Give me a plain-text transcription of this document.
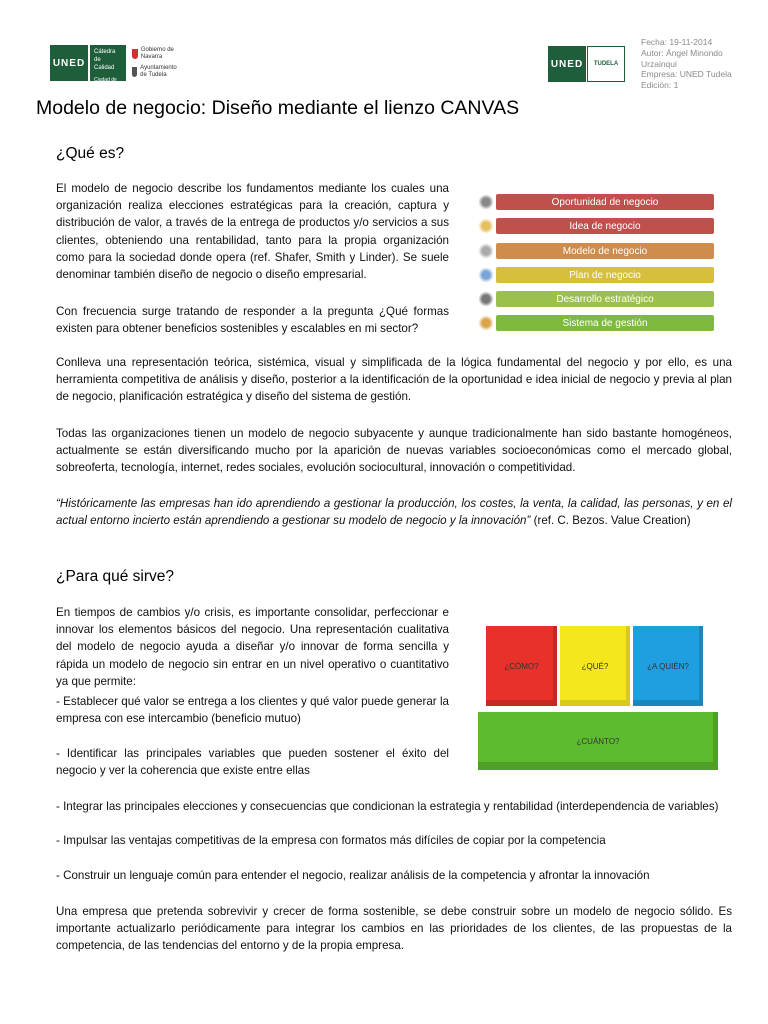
UNED
Cátedra de Calidad
Ciudad de Tudela
Gobierno de Navarra
Ayuntamiento de Tudela
UNED TUDELA
Fecha: 19-11-2014
Autor: Ángel Minondo
Urzainqui
Empresa: UNED Tudela
Edición: 1
Modelo de negocio: Diseño mediante el lienzo CANVAS
¿Qué es?
El modelo de negocio describe los fundamentos mediante los cuales una organización realiza elecciones estratégicas para la creación, captura y distribución de valor, a través de la entrega de productos y/o servicios a sus clientes, obteniendo una rentabilidad, tanto para la propia organización como para la sociedad donde opera (ref. Shafer, Smith y Linder). Se suele denominar también diseño de negocio o diseño empresarial.
Con frecuencia surge tratando de responder a la pregunta ¿Qué formas existen para obtener beneficios sostenibles y escalables en mi sector?
Oportunidad de negocio
Idea de negocio
Modelo de negocio
Plan de negocio
Desarrollo estratégico
Sistema de gestión
Conlleva una representación teórica, sistémica, visual y simplificada de la lógica fundamental del negocio y por ello, es una herramienta competitiva de análisis y diseño, posterior a la identificación de la oportunidad e idea inicial de negocio y previa al plan de negocio, planificación estratégica y diseño del sistema de gestión.
Todas las organizaciones tienen un modelo de negocio subyacente y aunque tradicionalmente han sido bastante homogéneos, actualmente se están diversificando mucho por la aparición de nuevas variables socioeconómicas como el mercado global, sobreoferta, tecnología, internet, redes sociales, evolución sociocultural, innovación o competitividad.
“Históricamente las empresas han ido aprendiendo a gestionar la producción, los costes, la venta, la calidad, las personas, y en el actual entorno incierto están aprendiendo a gestionar su modelo de negocio y la innovación” (ref. C. Bezos. Value Creation)
¿Para qué sirve?
En tiempos de cambios y/o crisis, es importante consolidar, perfeccionar e innovar los elementos básicos del negocio. Una representación cualitativa del modelo de negocio ayuda a diseñar y/o innovar de forma sencilla y rápida un modelo de negocio sin entrar en un nivel operativo o cuantitativo ya que permite:
- Establecer qué valor se entrega a los clientes y qué valor puede generar la empresa con ese intercambio (beneficio mutuo)
- Identificar las principales variables que pueden sostener el éxito del negocio y ver la coherencia que existe entre ellas
- Integrar las principales elecciones y consecuencias que condicionan la estrategia y rentabilidad (interdependencia de variables)
- Impulsar las ventajas competitivas de la empresa con formatos más difíciles de copiar por la competencia
- Construir un lenguaje común para entender el negocio, realizar análisis de la competencia y afrontar la innovación
Una empresa que pretenda sobrevivir y crecer de forma sostenible, se debe construir sobre un modelo de negocio sólido. Es importante actualizarlo periódicamente para integrar los cambios en las prioridades de los clientes, de las propuestas de la competencia, de las tendencias del entorno y de la propia empresa.
¿CÓMO?	¿QUÉ?	¿A QUIÉN?
¿CUÁNTO?
